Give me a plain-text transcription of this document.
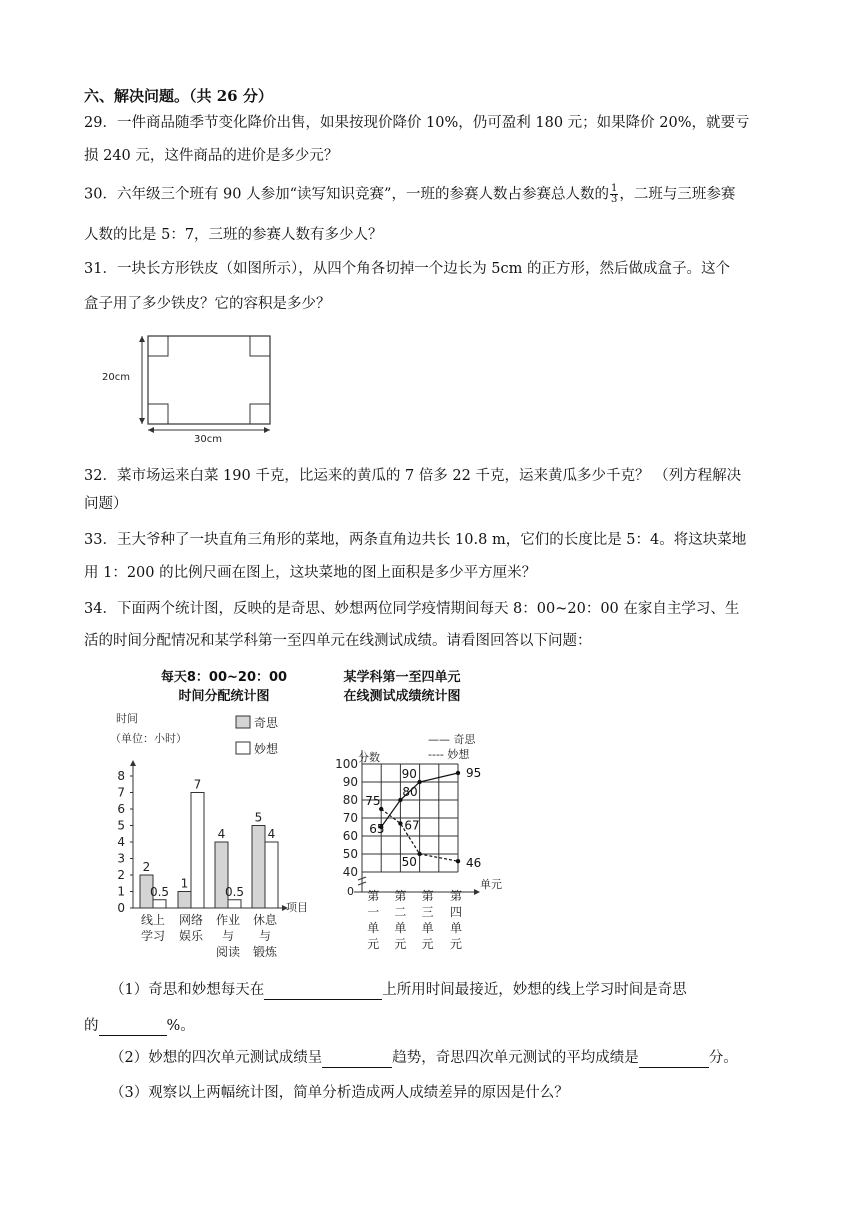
六、解决问题。（共 26 分）
29．一件商品随季节变化降价出售，如果按现价降价 10%，仍可盈利 180 元；如果降价 20%，就要亏
损 240 元，这件商品的进价是多少元？
30．六年级三个班有 90 人参加“读写知识竞赛”，一班的参赛人数占参赛总人数的 $\frac{1}{3}$ ，二班与三班参赛
人数的比是 5：7，三班的参赛人数有多少人？
31．一块长方形铁皮（如图所示），从四个角各切掉一个边长为 5cm 的正方形，然后做成盒子。这个
盒子用了多少铁皮？它的容积是多少？
20cm
30cm
32．菜市场运来白菜 190 千克，比运来的黄瓜的 7 倍多 22 千克，运来黄瓜多少千克？ （列方程解决
问题）
33．王大爷种了一块直角三角形的菜地，两条直角边共长 10.8 m，它们的长度比是 5：4。将这块菜地
用 1：200 的比例尺画在图上，这块菜地的图上面积是多少平方厘米？
34．下面两个统计图，反映的是奇思、妙想两位同学疫情期间每天 8：00~20：00 在家自主学习、生
活的时间分配情况和某学科第一至四单元在线测试成绩。请看图回答以下问题：
每天8：00~20：00
时间分配统计图
时间
（单位：小时）
奇思
妙想
0
1
2
3
4
5
6
7
8
2
0.5
1
7
4
0.5
5
4
线上
学习
网络
娱乐
作业
与
阅读
休息
与
锻炼
项目
某学科第一至四单元
在线测试成绩统计图
—— 奇思
---- 妙想
分数
40
50
60
70
80
90
100
65
80
90	95
75
67
50	46
第
一
单
元
第
二
单
元
第
三
单
元
第
四
单
元
0
单元
（1）奇思和妙想每天在	上所用时间最接近，妙想的线上学习时间是奇思
的	%。
（2）妙想的四次单元测试成绩呈	趋势，奇思四次单元测试的平均成绩是	分。
（3）观察以上两幅统计图，简单分析造成两人成绩差异的原因是什么？
